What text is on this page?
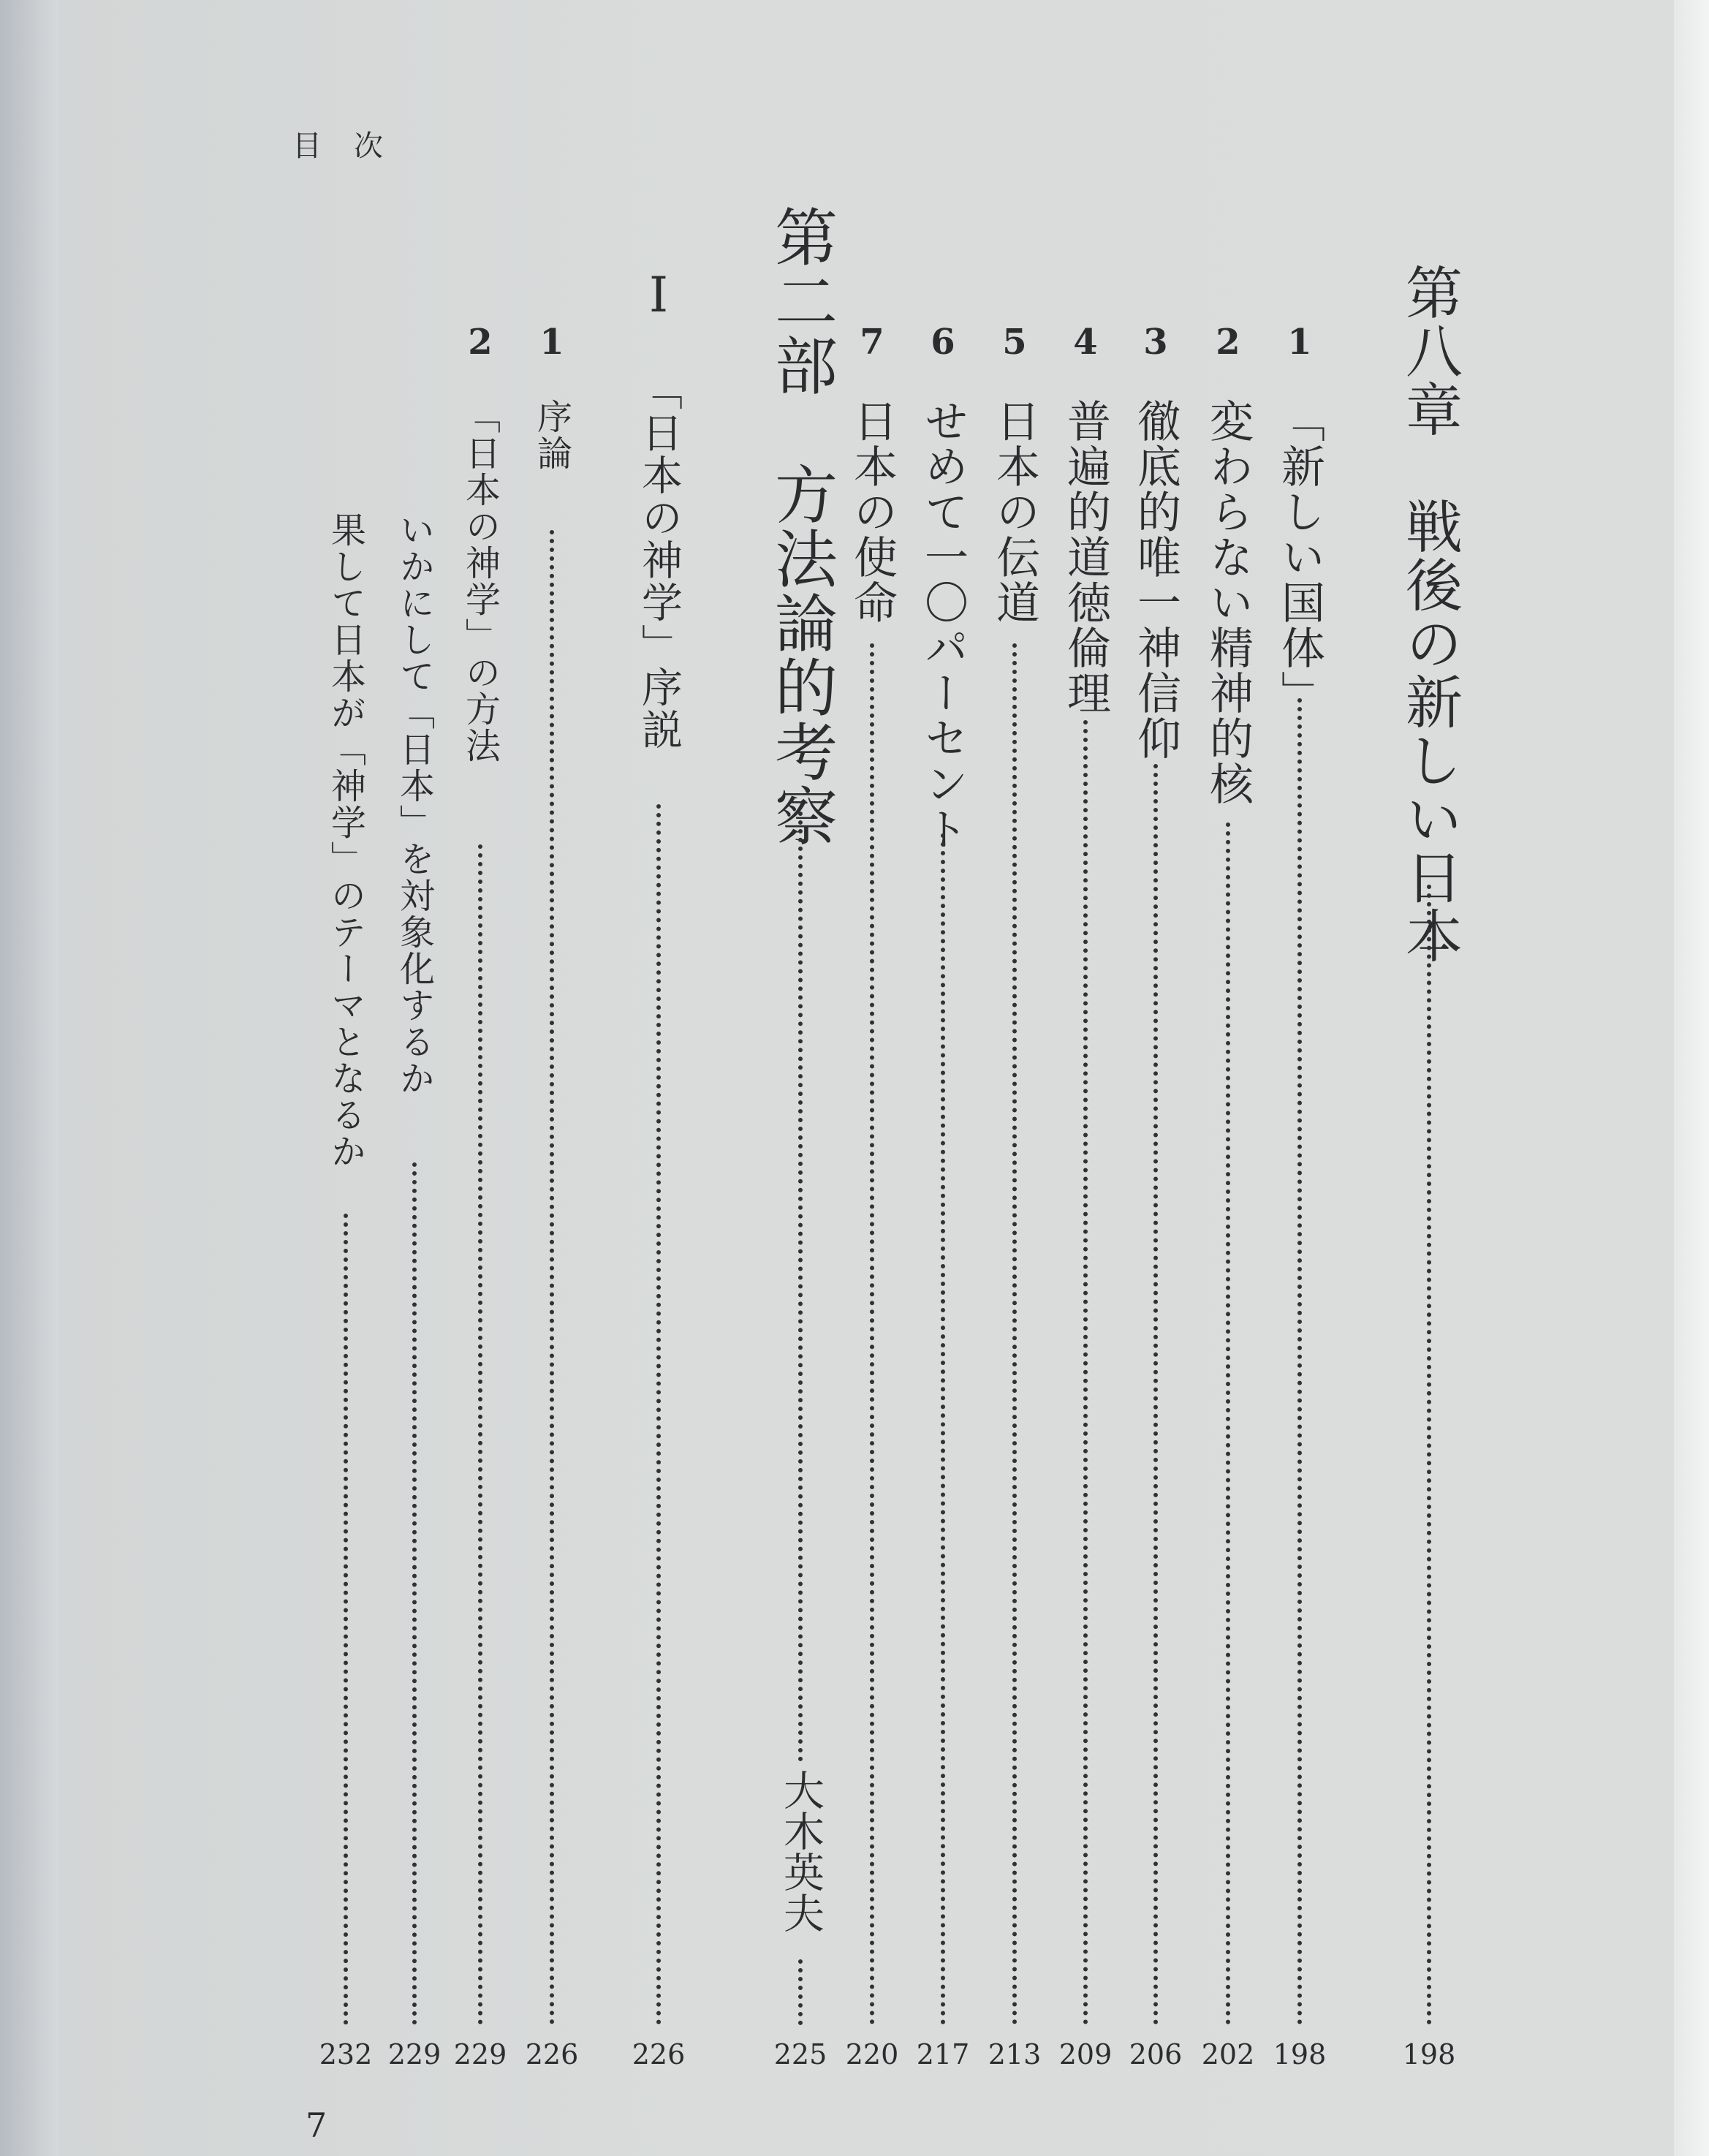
目　次
第八章　戦後の新しい日本
198
1
「新しい国体」
198
2
変わらない精神的核
202
3
徹底的唯一神信仰
206
4
普遍的道徳倫理
209
5
日本の伝道
213
6
せめて一〇パーセント
217
7
日本の使命
220
第二部　方法論的考察
大木英夫
225
I
「日本の神学」序説
226
1
序論
226
2
「日本の神学」の方法
229
いかにして「日本」を対象化するか
229
果して日本が「神学」のテーマとなるか
232
7
